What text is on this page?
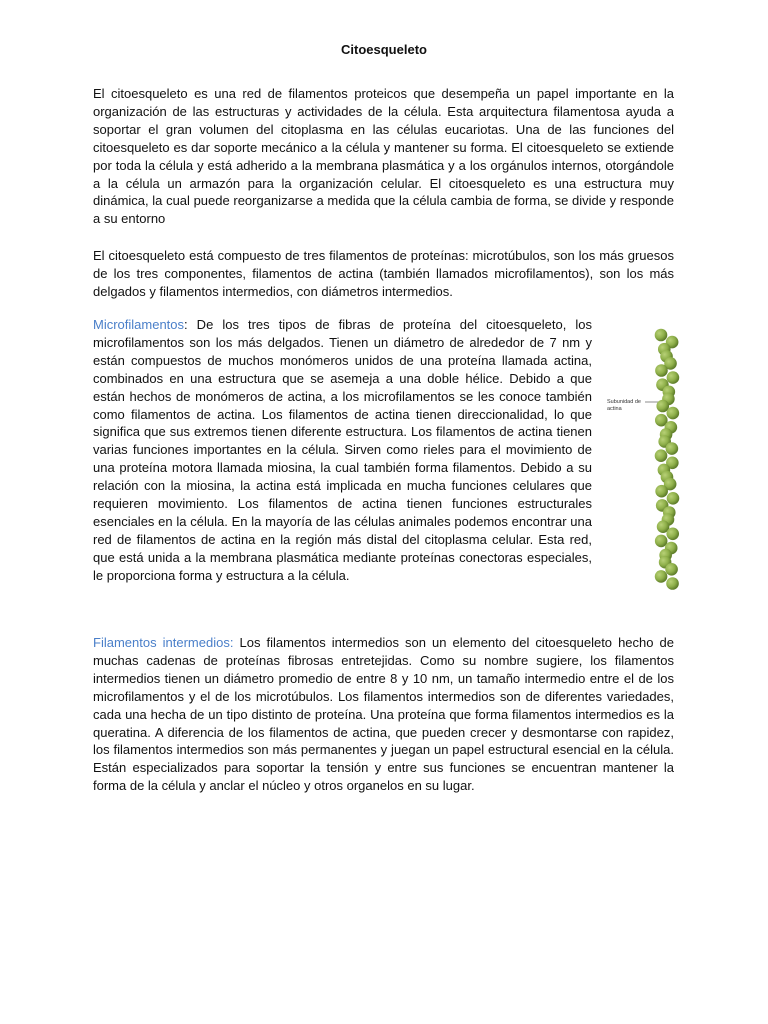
Citoesqueleto

El citoesqueleto es una red de filamentos proteicos que desempeña un papel importante en la organización de las estructuras y actividades de la célula. Esta arquitectura filamentosa ayuda a soportar el gran volumen del citoplasma en las células eucariotas. Una de las funciones del citoesqueleto es dar soporte mecánico a la célula y mantener su forma. El citoesqueleto se extiende por toda la célula y está adherido a la membrana plasmática y a los orgánulos internos, otorgándole a la célula un armazón para la organización celular. El citoesqueleto es una estructura muy dinámica, la cual puede reorganizarse a medida que la célula cambia de forma, se divide y responde a su entorno

El citoesqueleto está compuesto de tres filamentos de proteínas: microtúbulos, son los más gruesos de los tres componentes, filamentos de actina (también llamados microfilamentos), son los más delgados y filamentos intermedios, con diámetros intermedios.

Microfilamentos: De los tres tipos de fibras de proteína del citoesqueleto, los microfilamentos son los más delgados. Tienen un diámetro de alrededor de 7 nm y están compuestos de muchos monómeros unidos de una proteína llamada actina, combinados en una estructura que se asemeja a una doble hélice. Debido a que están hechos de monómeros de actina, a los microfilamentos se les conoce también como filamentos de actina. Los filamentos de actina tienen direccionalidad, lo que significa que sus extremos tienen diferente estructura. Los filamentos de actina tienen varias funciones importantes en la célula. Sirven como rieles para el movimiento de una proteína motora llamada miosina, la cual también forma filamentos. Debido a su relación con la miosina, la actina está implicada en mucha funciones celulares que requieren movimiento. Los filamentos de actina tienen funciones estructurales esenciales en la célula. En la mayoría de las células animales podemos encontrar una red de filamentos de actina en la región más distal del citoplasma celular. Esta red, que está unida a la membrana plasmática mediante proteínas conectoras especiales, le proporciona forma y estructura a la célula.

Subunidad de actina

Filamentos intermedios: Los filamentos intermedios son un elemento del citoesqueleto hecho de muchas cadenas de proteínas fibrosas entretejidas. Como su nombre sugiere, los filamentos intermedios tienen un diámetro promedio de entre 8 y 10 nm, un tamaño intermedio entre el de los microfilamentos y el de los microtúbulos. Los filamentos intermedios son de diferentes variedades, cada una hecha de un tipo distinto de proteína. Una proteína que forma filamentos intermedios es la queratina. A diferencia de los filamentos de actina, que pueden crecer y desmontarse con rapidez, los filamentos intermedios son más permanentes y juegan un papel estructural esencial en la célula. Están especializados para soportar la tensión y entre sus funciones se encuentran mantener la forma de la célula y anclar el núcleo y otros organelos en su lugar.
